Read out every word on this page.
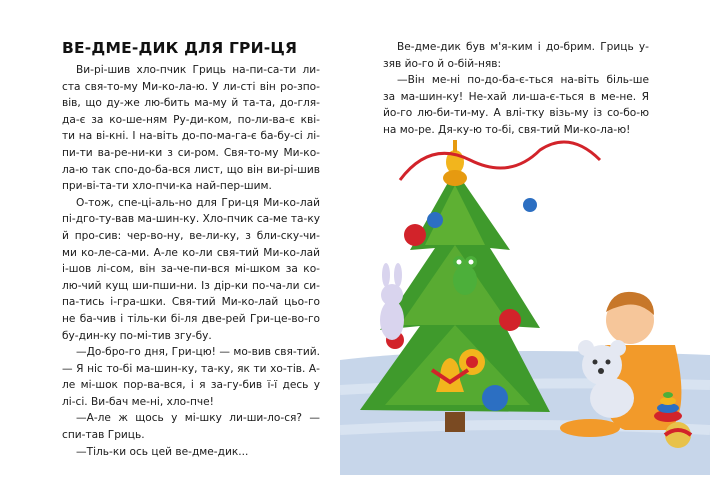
ВЕ-ДМЕ-ДИК ДЛЯ ГРИ-ЦЯ

Ви-рі-шив хло-пчик Гриць на-пи-са-ти ли-ста свя-то-му Ми-ко-ла-ю. У ли-сті він ро-зпо-вів, що ду-же лю-бить ма-му й та-та, до-гля-да-є за ко-ше-ням Ру-ди-ком, по-ли-ва-є кві-ти на ві-кні. І на-віть до-по-ма-га-є ба-бу-сі лі-пи-ти ва-ре-ни-ки з си-ром. Свя-то-му Ми-ко-ла-ю так спо-до-ба-вся лист, що він ви-рі-шив при-ві-та-ти хло-пчи-ка най-пер-шим.

О-тож, спе-ці-аль-но для Гри-ця Ми-ко-лай пі-дго-ту-вав ма-шин-ку. Хло-пчик са-ме та-ку й про-сив: чер-во-ну, ве-ли-ку, з бли-ску-чи-ми ко-ле-са-ми. А-ле ко-ли свя-тий Ми-ко-лай і-шов лі-сом, він за-че-пи-вся мі-шком за ко-лю-чий кущ ши-пши-ни. Із дір-ки по-ча-ли си-па-тись і-гра-шки. Свя-тий Ми-ко-лай цьо-го не ба-чив і тіль-ки бі-ля две-рей Гри-це-во-го бу-дин-ку по-мі-тив згу-бу.

—До-бро-го дня, Гри-цю! — мо-вив свя-тий.— Я ніс то-бі ма-шин-ку, та-ку, як ти хо-тів. А-ле мі-шок пор-ва-вся, і я за-гу-бив ї-ї десь у лі-сі. Ви-бач ме-ні, хло-пче!

—А-ле ж щось у мі-шку ли-ши-ло-ся? — спи-тав Гриць.

—Тіль-ки ось цей ве-дме-дик...

Ве-дме-дик був м'я-ким і до-брим. Гриць у-зяв йо-го й о-бій-няв:

—Він ме-ні по-до-ба-є-ться на-віть біль-ше за ма-шин-ку! Не-хай ли-ша-є-ться в ме-не. Я йо-го лю-би-ти-му. А влі-тку візь-му із со-бо-ю на мо-ре. Дя-ку-ю то-бі, свя-тий Ми-ко-ла-ю!
